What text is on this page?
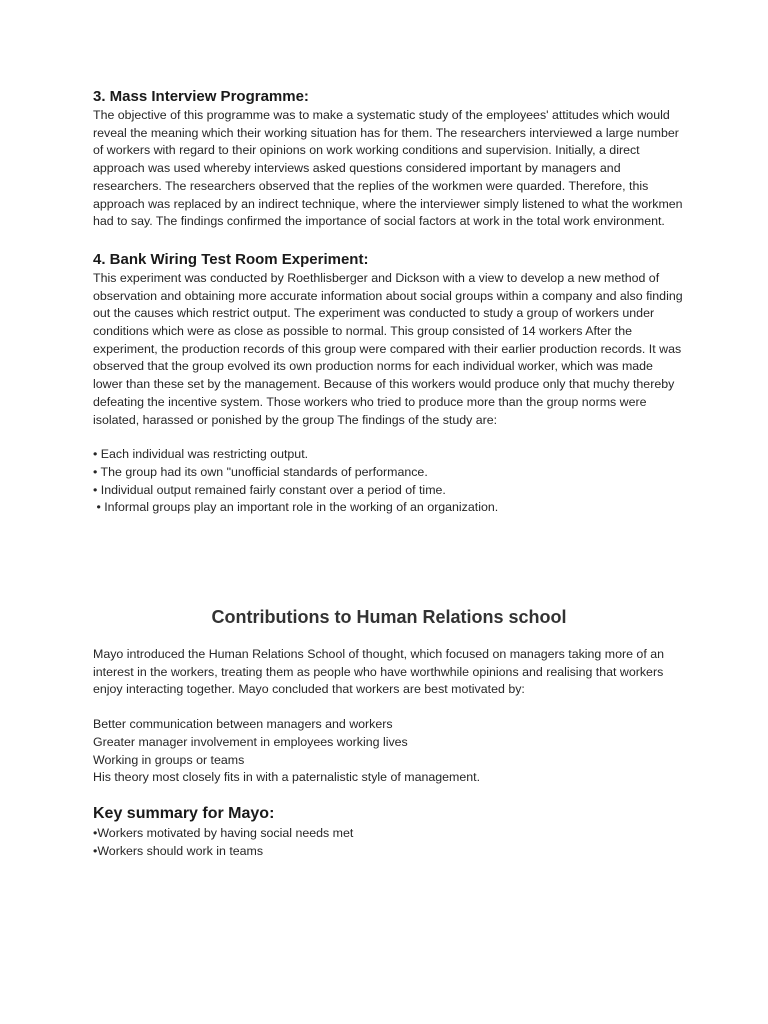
3. Mass Interview Programme:

The objective of this programme was to make a systematic study of the employees' attitudes which would reveal the meaning which their working situation has for them. The researchers interviewed a large number of workers with regard to their opinions on work working conditions and supervision. Initially, a direct approach was used whereby interviews asked questions considered important by managers and researchers. The researchers observed that the replies of the workmen were quarded. Therefore, this approach was replaced by an indirect technique, where the interviewer simply listened to what the workmen had to say. The findings confirmed the importance of social factors at work in the total work environment.

4. Bank Wiring Test Room Experiment:

This experiment was conducted by Roethlisberger and Dickson with a view to develop a new method of observation and obtaining more accurate information about social groups within a company and also finding out the causes which restrict output. The experiment was conducted to study a group of workers under conditions which were as close as possible to normal. This group consisted of 14 workers After the experiment, the production records of this group were compared with their earlier production records. It was observed that the group evolved its own production norms for each individual worker, which was made lower than these set by the management. Because of this workers would produce only that muchy thereby defeating the incentive system. Those workers who tried to produce more than the group norms were isolated, harassed or ponished by the group The findings of the study are:

• Each individual was restricting output.
• The group had its own "unofficial standards of performance.
• Individual output remained fairly constant over a period of time.
• Informal groups play an important role in the working of an organization.
Contributions to Human Relations school

Mayo introduced the Human Relations School of thought, which focused on managers taking more of an interest in the workers, treating them as people who have worthwhile opinions and realising that workers enjoy interacting together. Mayo concluded that workers are best motivated by:

Better communication between managers and workers
Greater manager involvement in employees working lives
Working in groups or teams
His theory most closely fits in with a paternalistic style of management.
Key summary for Mayo:
•Workers motivated by having social needs met
•Workers should work in teams
